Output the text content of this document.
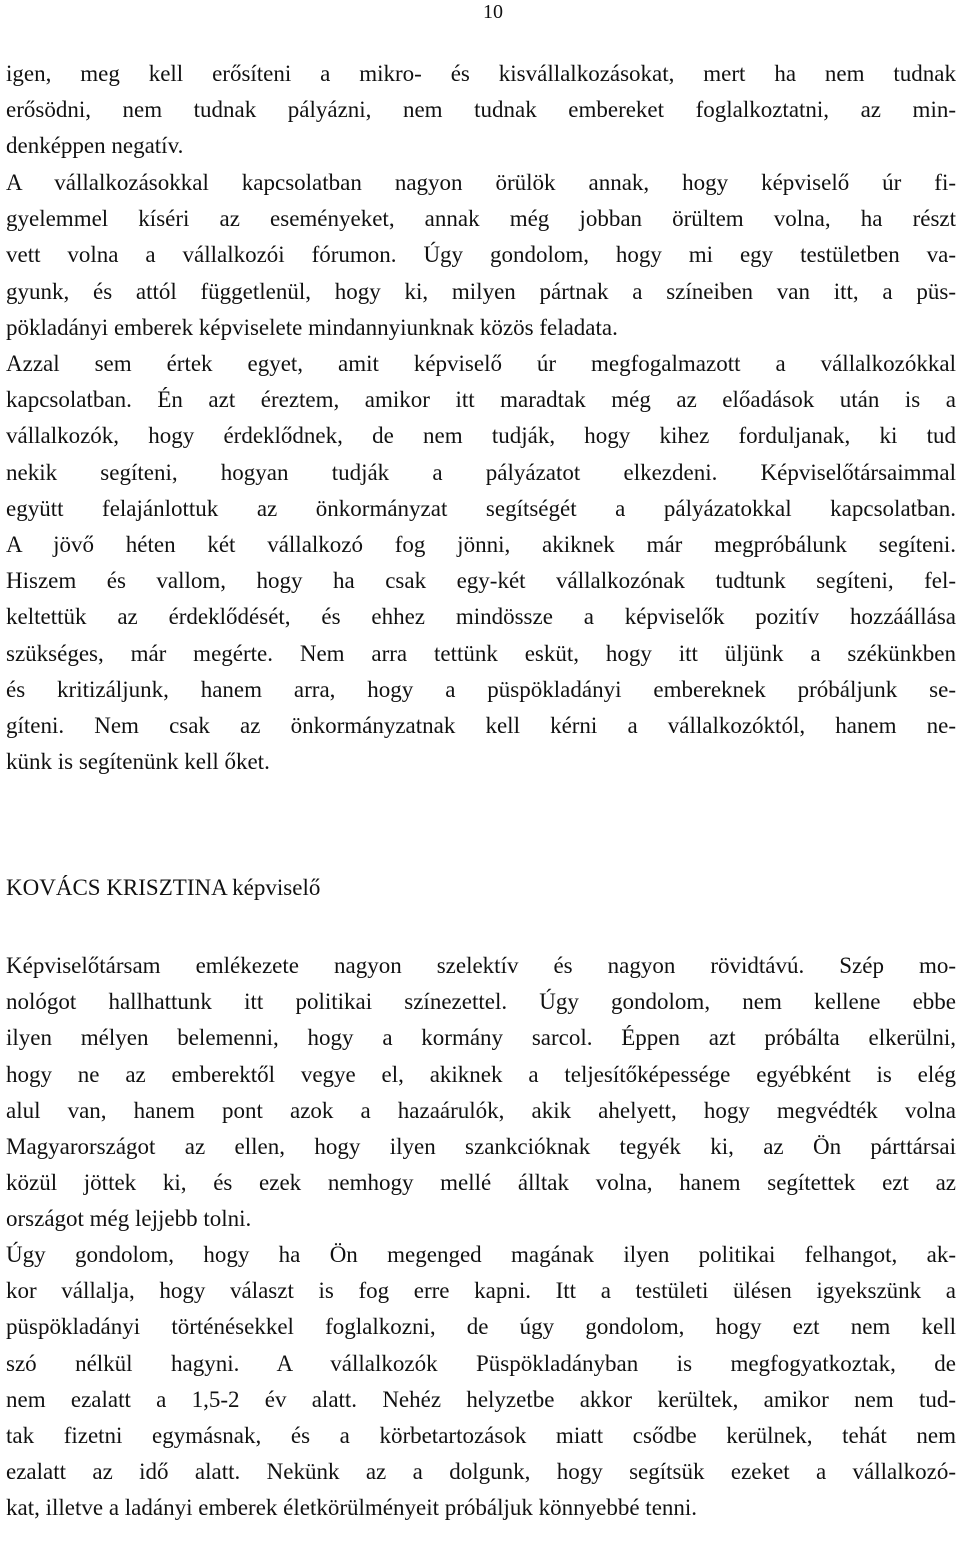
10
igen, meg kell erősíteni a mikro- és kisvállalkozásokat, mert ha nem tudnak
erősödni, nem tudnak pályázni, nem tudnak embereket foglalkoztatni, az min-
denképpen negatív.
A vállalkozásokkal kapcsolatban nagyon örülök annak, hogy képviselő úr fi-
gyelemmel kíséri az eseményeket, annak még jobban örültem volna, ha részt
vett volna a vállalkozói fórumon. Úgy gondolom, hogy mi egy testületben va-
gyunk, és attól függetlenül, hogy ki, milyen pártnak a színeiben van itt, a püs-
pökladányi emberek képviselete mindannyiunknak közös feladata.
Azzal sem értek egyet, amit képviselő úr megfogalmazott a vállalkozókkal
kapcsolatban. Én azt éreztem, amikor itt maradtak még az előadások után is a
vállalkozók, hogy érdeklődnek, de nem tudják, hogy kihez forduljanak, ki tud
nekik segíteni, hogyan tudják a pályázatot elkezdeni. Képviselőtársaimmal
együtt felajánlottuk az önkormányzat segítségét a pályázatokkal kapcsolatban.
A jövő héten két vállalkozó fog jönni, akiknek már megpróbálunk segíteni.
Hiszem és vallom, hogy ha csak egy-két vállalkozónak tudtunk segíteni, fel-
keltettük az érdeklődését, és ehhez mindössze a képviselők pozitív hozzáállása
szükséges, már megérte. Nem arra tettünk esküt, hogy itt üljünk a székünkben
és kritizáljunk, hanem arra, hogy a püspökladányi embereknek próbáljunk se-
gíteni. Nem csak az önkormányzatnak kell kérni a vállalkozóktól, hanem ne-
künk is segítenünk kell őket.
KOVÁCS KRISZTINA képviselő
Képviselőtársam emlékezete nagyon szelektív és nagyon rövidtávú. Szép mo-
nológot hallhattunk itt politikai színezettel. Úgy gondolom, nem kellene ebbe
ilyen mélyen belemenni, hogy a kormány sarcol. Éppen azt próbálta elkerülni,
hogy ne az emberektől vegye el, akiknek a teljesítőképessége egyébként is elég
alul van, hanem pont azok a hazaárulók, akik ahelyett, hogy megvédték volna
Magyarországot az ellen, hogy ilyen szankcióknak tegyék ki, az Ön párttársai
közül jöttek ki, és ezek nemhogy mellé álltak volna, hanem segítettek ezt az
országot még lejjebb tolni.
Úgy gondolom, hogy ha Ön megenged magának ilyen politikai felhangot, ak-
kor vállalja, hogy választ is fog erre kapni. Itt a testületi ülésen igyekszünk a
püspökladányi történésekkel foglalkozni, de úgy gondolom, hogy ezt nem kell
szó nélkül hagyni. A vállalkozók Püspökladányban is megfogyatkoztak, de
nem ezalatt a 1,5-2 év alatt. Nehéz helyzetbe akkor kerültek, amikor nem tud-
tak fizetni egymásnak, és a körbetartozások miatt csődbe kerülnek, tehát nem
ezalatt az idő alatt. Nekünk az a dolgunk, hogy segítsük ezeket a vállalkozó-
kat, illetve a ladányi emberek életkörülményeit próbáljuk könnyebbé tenni.
